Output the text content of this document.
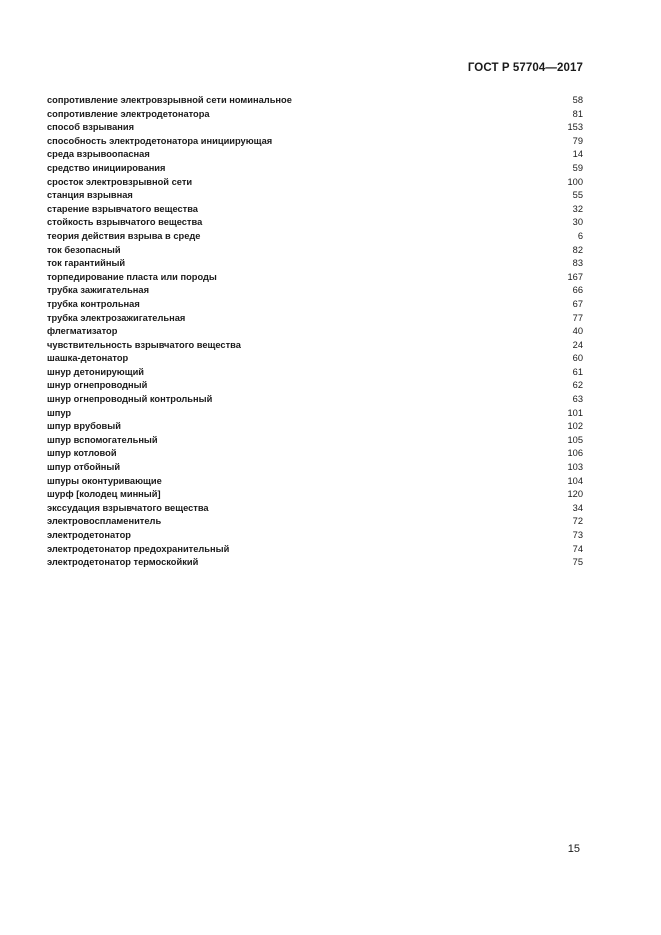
ГОСТ Р 57704—2017
сопротивление электровзрывной сети номинальное	58
сопротивление электродетонатора	81
способ взрывания	153
способность электродетонатора инициирующая	79
среда взрывоопасная	14
средство инициирования	59
сросток электровзрывной сети	100
станция взрывная	55
старение взрывчатого вещества	32
стойкость взрывчатого вещества	30
теория действия взрыва в среде	6
ток безопасный	82
ток гарантийный	83
торпедирование пласта или породы	167
трубка зажигательная	66
трубка контрольная	67
трубка электрозажигательная	77
флегматизатор	40
чувствительность взрывчатого вещества	24
шашка-детонатор	60
шнур детонирующий	61
шнур огнепроводный	62
шнур огнепроводный контрольный	63
шпур	101
шпур врубовый	102
шпур вспомогательный	105
шпур котловой	106
шпур отбойный	103
шпуры оконтуривающие	104
шурф [колодец минный]	120
экссудация взрывчатого вещества	34
электровоспламенитель	72
электродетонатор	73
электродетонатор предохранительный	74
электродетонатор термоскойкий	75
15
